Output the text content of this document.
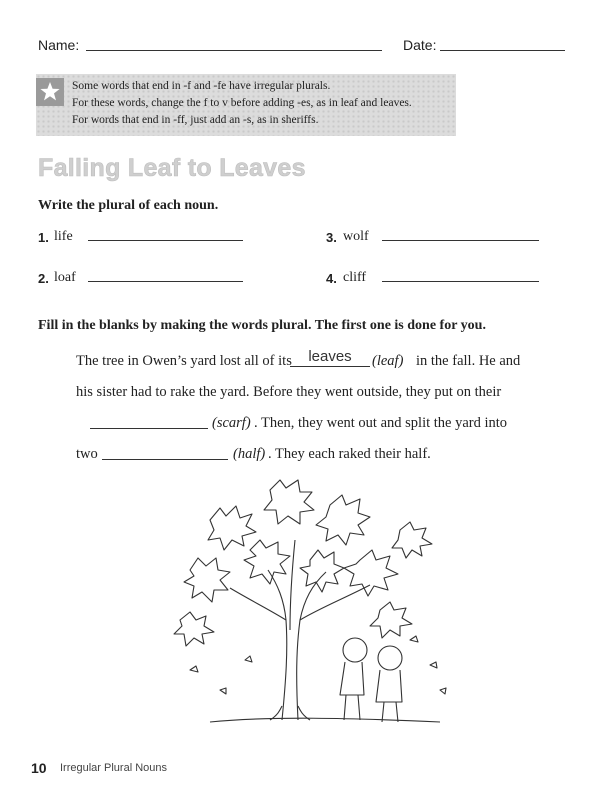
Name:	Date:
Some words that end in -f and -fe have irregular plurals.
For these words, change the f to v before adding -es, as in leaf and leaves.
For words that end in -ff, just add an -s, as in sheriffs.
Falling Leaf to Leaves
Write the plural of each noun.
1. life
2. loaf
3. wolf
4. cliff
Fill in the blanks by making the words plural. The first one is done for you.
The tree in Owen’s yard lost all of its	leaves	(leaf) in the fall. He and
his sister had to rake the yard. Before they went outside, they put on their
(scarf) . Then, they went out and split the yard into
two	(half) . They each raked their half.
10 Irregular Plural Nouns
